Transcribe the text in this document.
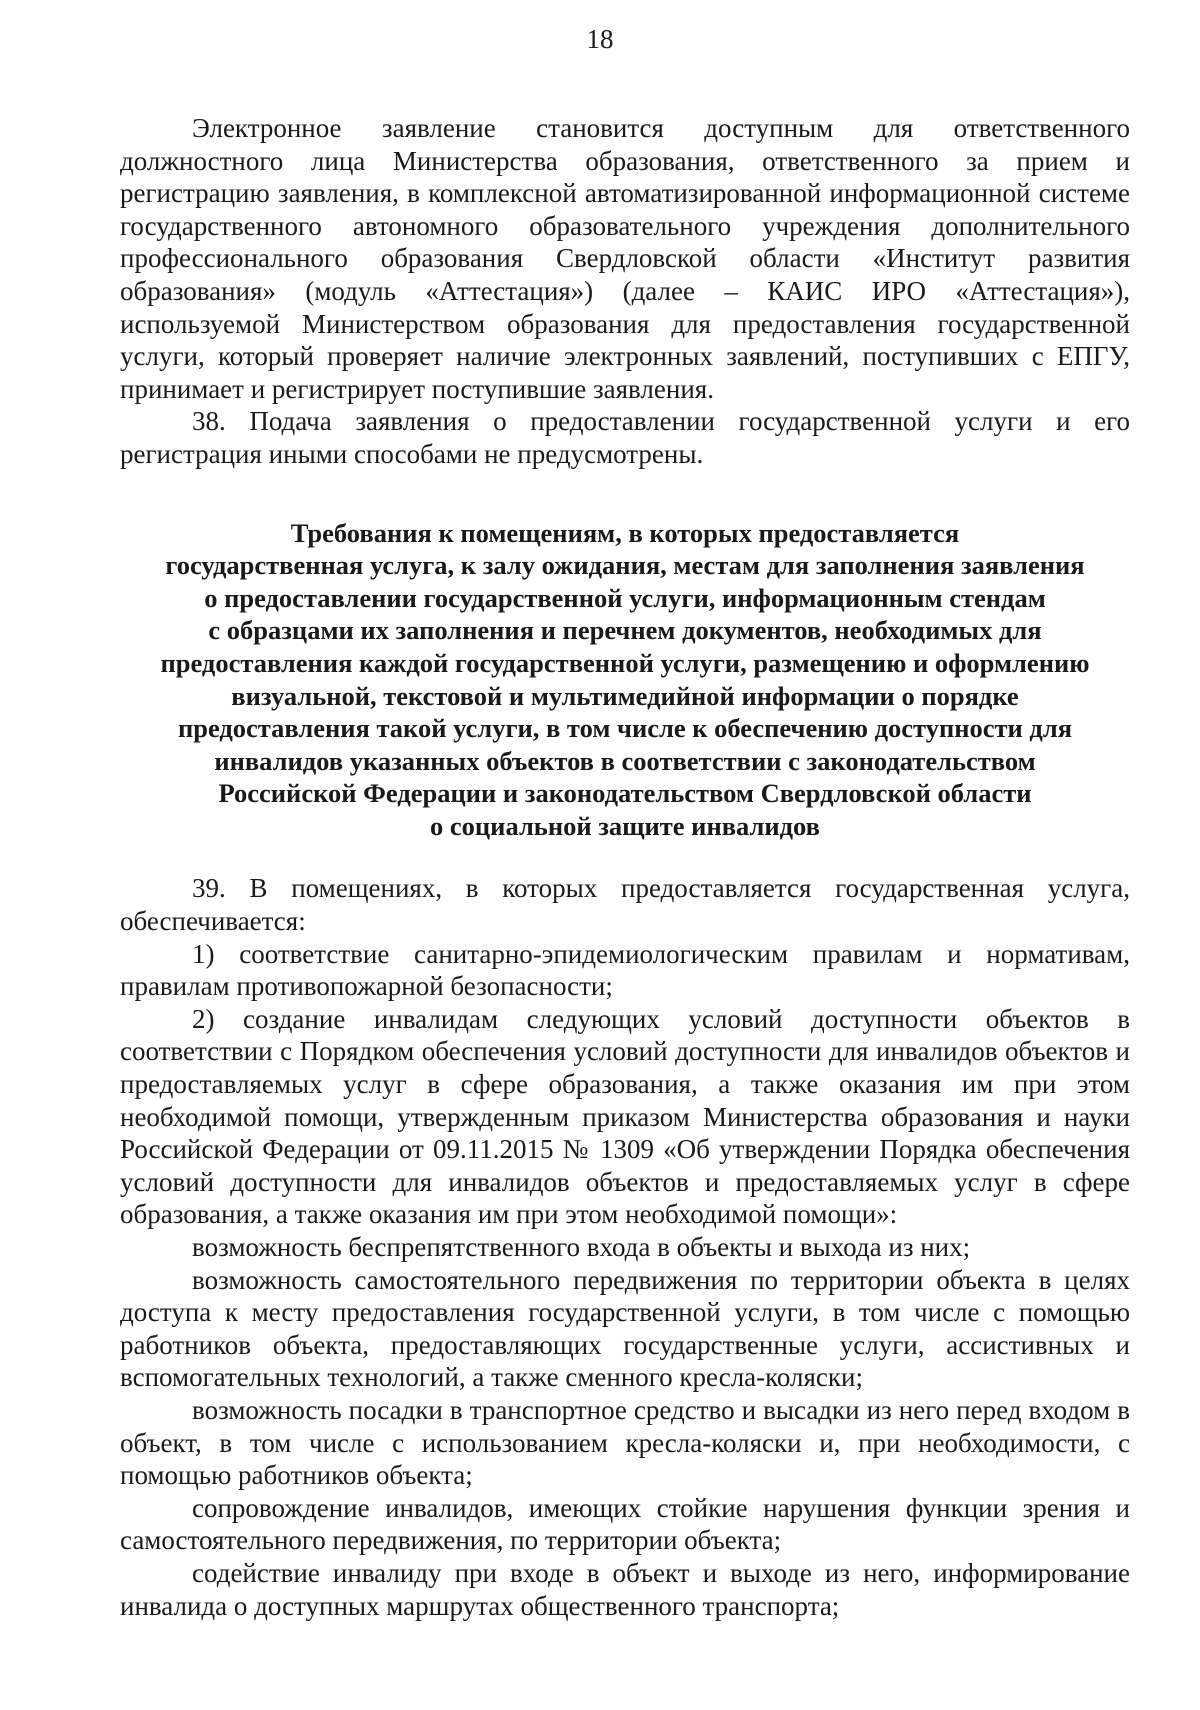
18

Электронное заявление становится доступным для ответственного должностного лица Министерства образования, ответственного за прием и регистрацию заявления, в комплексной автоматизированной информационной системе государственного автономного образовательного учреждения дополнительного профессионального образования Свердловской области «Институт развития образования» (модуль «Аттестация») (далее – КАИС ИРО «Аттестация»), используемой Министерством образования для предоставления государственной услуги, который проверяет наличие электронных заявлений, поступивших с ЕПГУ, принимает и регистрирует поступившие заявления.

38. Подача заявления о предоставлении государственной услуги и его регистрация иными способами не предусмотрены.

Требования к помещениям, в которых предоставляется
государственная услуга, к залу ожидания, местам для заполнения заявления
о предоставлении государственной услуги, информационным стендам
с образцами их заполнения и перечнем документов, необходимых для
предоставления каждой государственной услуги, размещению и оформлению
визуальной, текстовой и мультимедийной информации о порядке
предоставления такой услуги, в том числе к обеспечению доступности для
инвалидов указанных объектов в соответствии с законодательством
Российской Федерации и законодательством Свердловской области
о социальной защите инвалидов

39. В помещениях, в которых предоставляется государственная услуга, обеспечивается:

1) соответствие санитарно-эпидемиологическим правилам и нормативам, правилам противопожарной безопасности;

2) создание инвалидам следующих условий доступности объектов в соответствии с Порядком обеспечения условий доступности для инвалидов объектов и предоставляемых услуг в сфере образования, а также оказания им при этом необходимой помощи, утвержденным приказом Министерства образования и науки Российской Федерации от 09.11.2015 № 1309 «Об утверждении Порядка обеспечения условий доступности для инвалидов объектов и предоставляемых услуг в сфере образования, а также оказания им при этом необходимой помощи»:

возможность беспрепятственного входа в объекты и выхода из них;

возможность самостоятельного передвижения по территории объекта в целях доступа к месту предоставления государственной услуги, в том числе с помощью работников объекта, предоставляющих государственные услуги, ассистивных и вспомогательных технологий, а также сменного кресла-коляски;

возможность посадки в транспортное средство и высадки из него перед входом в объект, в том числе с использованием кресла-коляски и, при необходимости, с помощью работников объекта;

сопровождение инвалидов, имеющих стойкие нарушения функции зрения и самостоятельного передвижения, по территории объекта;

содействие инвалиду при входе в объект и выходе из него, информирование инвалида о доступных маршрутах общественного транспорта;
